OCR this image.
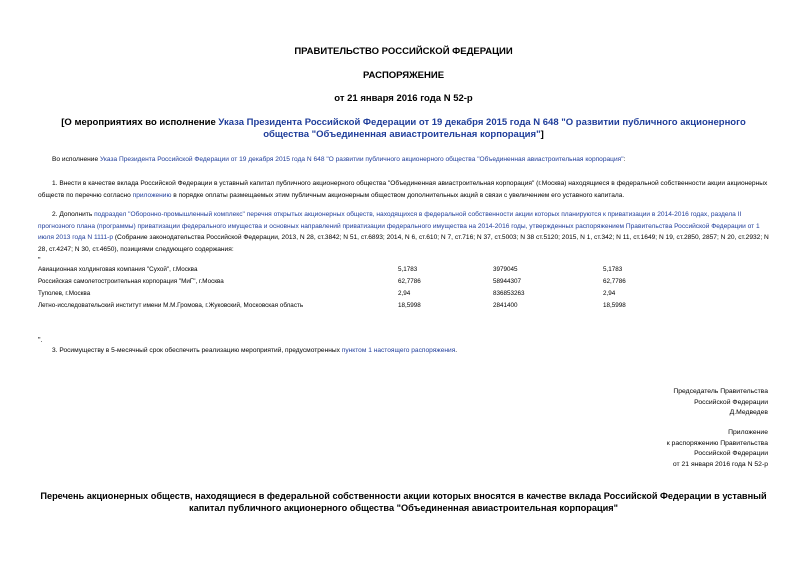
ПРАВИТЕЛЬСТВО РОССИЙСКОЙ ФЕДЕРАЦИИ
РАСПОРЯЖЕНИЕ
от 21 января 2016 года N 52-р
[О мероприятиях во исполнение Указа Президента Российской Федерации от 19 декабря 2015 года N 648 "О развитии публичного акционерного общества "Объединенная авиастроительная корпорация"]
Во исполнение Указа Президента Российской Федерации от 19 декабря 2015 года N 648 "О развитии публичного акционерного общества "Объединенная авиастроительная корпорация":
1. Внести в качестве вклада Российской Федерации в уставный капитал публичного акционерного общества "Объединенная авиастроительная корпорация" (г.Москва) находящиеся в федеральной собственности акции акционерных обществ по перечню согласно приложению в порядке оплаты размещаемых этим публичным акционерным обществом дополнительных акций в связи с увеличением его уставного капитала.
2. Дополнить подраздел "Оборонно-промышленный комплекс" перечня открытых акционерных обществ, находящихся в федеральной собственности акции которых планируются к приватизации в 2014-2016 годах, раздела II прогнозного плана (программы) приватизации федерального имущества и основных направлений приватизации федерального имущества на 2014-2016 годы, утвержденных распоряжением Правительства Российской Федерации от 1 июля 2013 года N 1111-р (Собрание законодательства Российской Федерации, 2013, N 28, ст.3842; N 51, ст.6893; 2014, N 6, ст.610; N 7, ст.716; N 37, ст.5003; N 38 ст.5120; 2015, N 1, ст.342; N 11, ст.1649; N 19, ст.2850, 2857; N 20, ст.2932; N 28, ст.4247; N 30, ст.4650), позициями следующего содержания:
"
Авиационная холдинговая компания "Сухой", г.Москва	5,1783	3979045	5,1783
Российская самолетостроительная корпорация "МиГ", г.Москва	62,7786	58944307	62,7786
Туполев, г.Москва	2,94	836853263	2,94
Летно-исследовательский институт имени М.М.Громова, г.Жуковский, Московская область	18,5998	2841400	18,5998
".
3. Росимуществу в 5-месячный срок обеспечить реализацию мероприятий, предусмотренных пунктом 1 настоящего распоряжения.
Председатель Правительства
Российской Федерации
Д.Медведев
Приложение
к распоряжению Правительства
Российской Федерации
от 21 января 2016 года N 52-р
Перечень акционерных обществ, находящиеся в федеральной собственности акции которых вносятся в качестве вклада Российской Федерации в уставный капитал публичного акционерного общества "Объединенная авиастроительная корпорация"
